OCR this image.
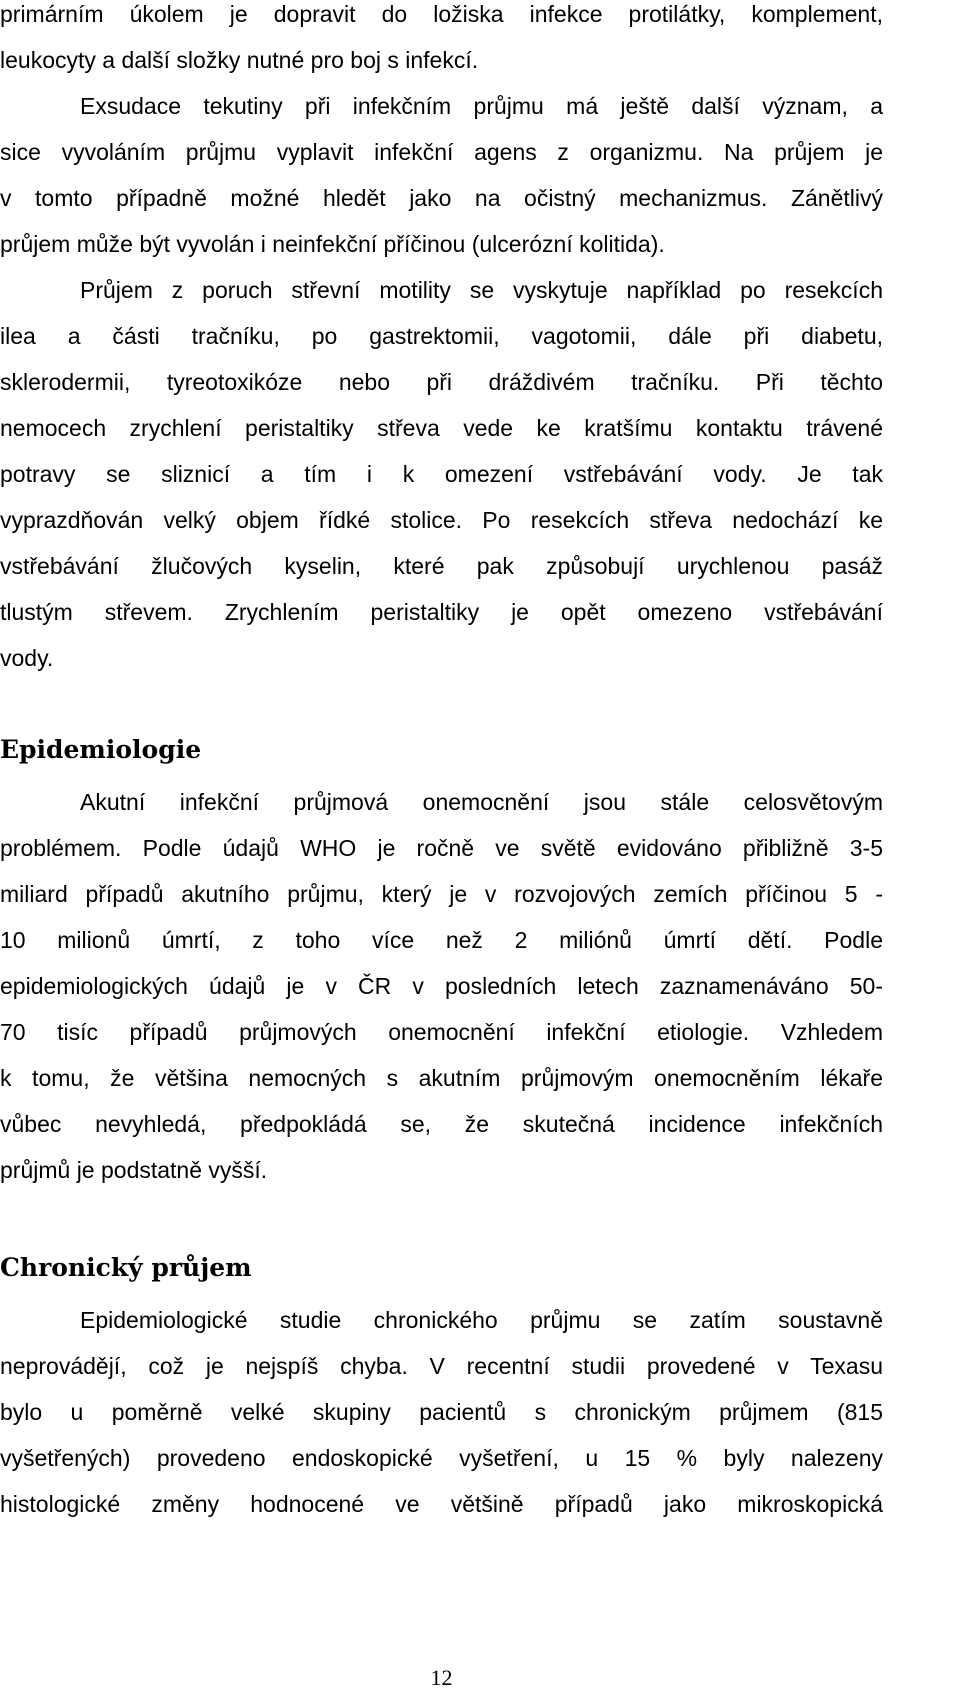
primárním úkolem je dopravit do ložiska infekce protilátky, komplement,
leukocyty a další složky nutné pro boj s infekcí.
Exsudace tekutiny při infekčním průjmu má ještě další význam, a
sice vyvoláním průjmu vyplavit infekční agens z organizmu. Na průjem je
v tomto případně možné hledět jako na očistný mechanizmus. Zánětlivý
průjem může být vyvolán i neinfekční příčinou (ulcerózní kolitida).
Průjem z poruch střevní motility se vyskytuje například po resekcích
ilea a části tračníku, po gastrektomii, vagotomii, dále při diabetu,
sklerodermii, tyreotoxikóze nebo při dráždivém tračníku. Při těchto
nemocech zrychlení peristaltiky střeva vede ke kratšímu kontaktu trávené
potravy se sliznicí a tím i k omezení vstřebávání vody. Je tak
vyprazdňován velký objem řídké stolice. Po resekcích střeva nedochází ke
vstřebávání žlučových kyselin, které pak způsobují urychlenou pasáž
tlustým střevem. Zrychlením peristaltiky je opět omezeno vstřebávání
vody.
Epidemiologie
Akutní infekční průjmová onemocnění jsou stále celosvětovým
problémem. Podle údajů WHO je ročně ve světě evidováno přibližně 3-5
miliard případů akutního průjmu, který je v rozvojových zemích příčinou 5 -
10 milionů úmrtí, z toho více než 2 miliónů úmrtí dětí. Podle
epidemiologických údajů je v ČR v posledních letech zaznamenáváno 50-
70 tisíc případů průjmových onemocnění infekční etiologie. Vzhledem
k tomu, že většina nemocných s akutním průjmovým onemocněním lékaře
vůbec nevyhledá, předpokládá se, že skutečná incidence infekčních
průjmů je podstatně vyšší.
Chronický průjem
Epidemiologické studie chronického průjmu se zatím soustavně
neprovádějí, což je nejspíš chyba. V recentní studii provedené v Texasu
bylo u poměrně velké skupiny pacientů s chronickým průjmem (815
vyšetřených) provedeno endoskopické vyšetření, u 15 % byly nalezeny
histologické změny hodnocené ve většině případů jako mikroskopická
12
